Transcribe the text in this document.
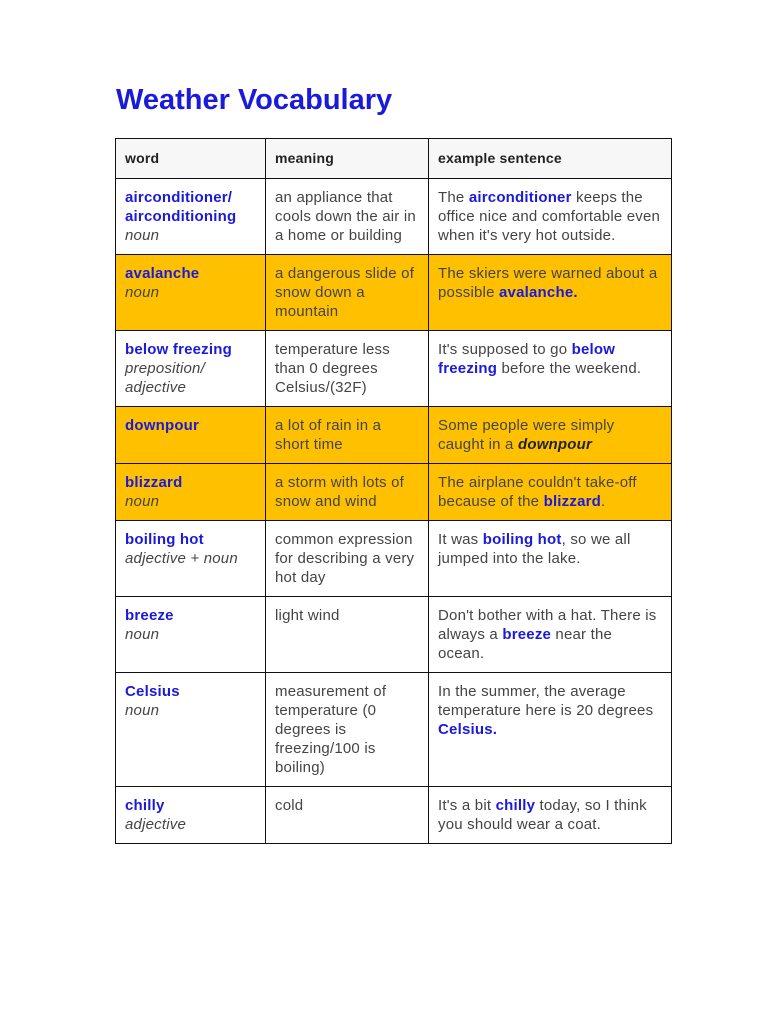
Weather Vocabulary
word	meaning	example sentence

airconditioner/ airconditioning
noun	an appliance that cools down the air in a home or building	The airconditioner keeps the office nice and comfortable even when it's very hot outside.

avalanche
noun	a dangerous slide of snow down a mountain	The skiers were warned about a possible avalanche.

below freezing
preposition/ adjective	temperature less than 0 degrees Celsius/(32F)	It's supposed to go below freezing before the weekend.

downpour	a lot of rain in a short time	Some people were simply caught in a downpour

blizzard
noun	a storm with lots of snow and wind	The airplane couldn't take-off because of the blizzard.

boiling hot
adjective + noun	common expression for describing a very hot day	It was boiling hot, so we all jumped into the lake.

breeze
noun	light wind	Don't bother with a hat. There is always a breeze near the ocean.

Celsius
noun	measurement of temperature (0 degrees is freezing/100 is boiling)	In the summer, the average temperature here is 20 degrees Celsius.

chilly
adjective	cold	It's a bit chilly today, so I think you should wear a coat.
